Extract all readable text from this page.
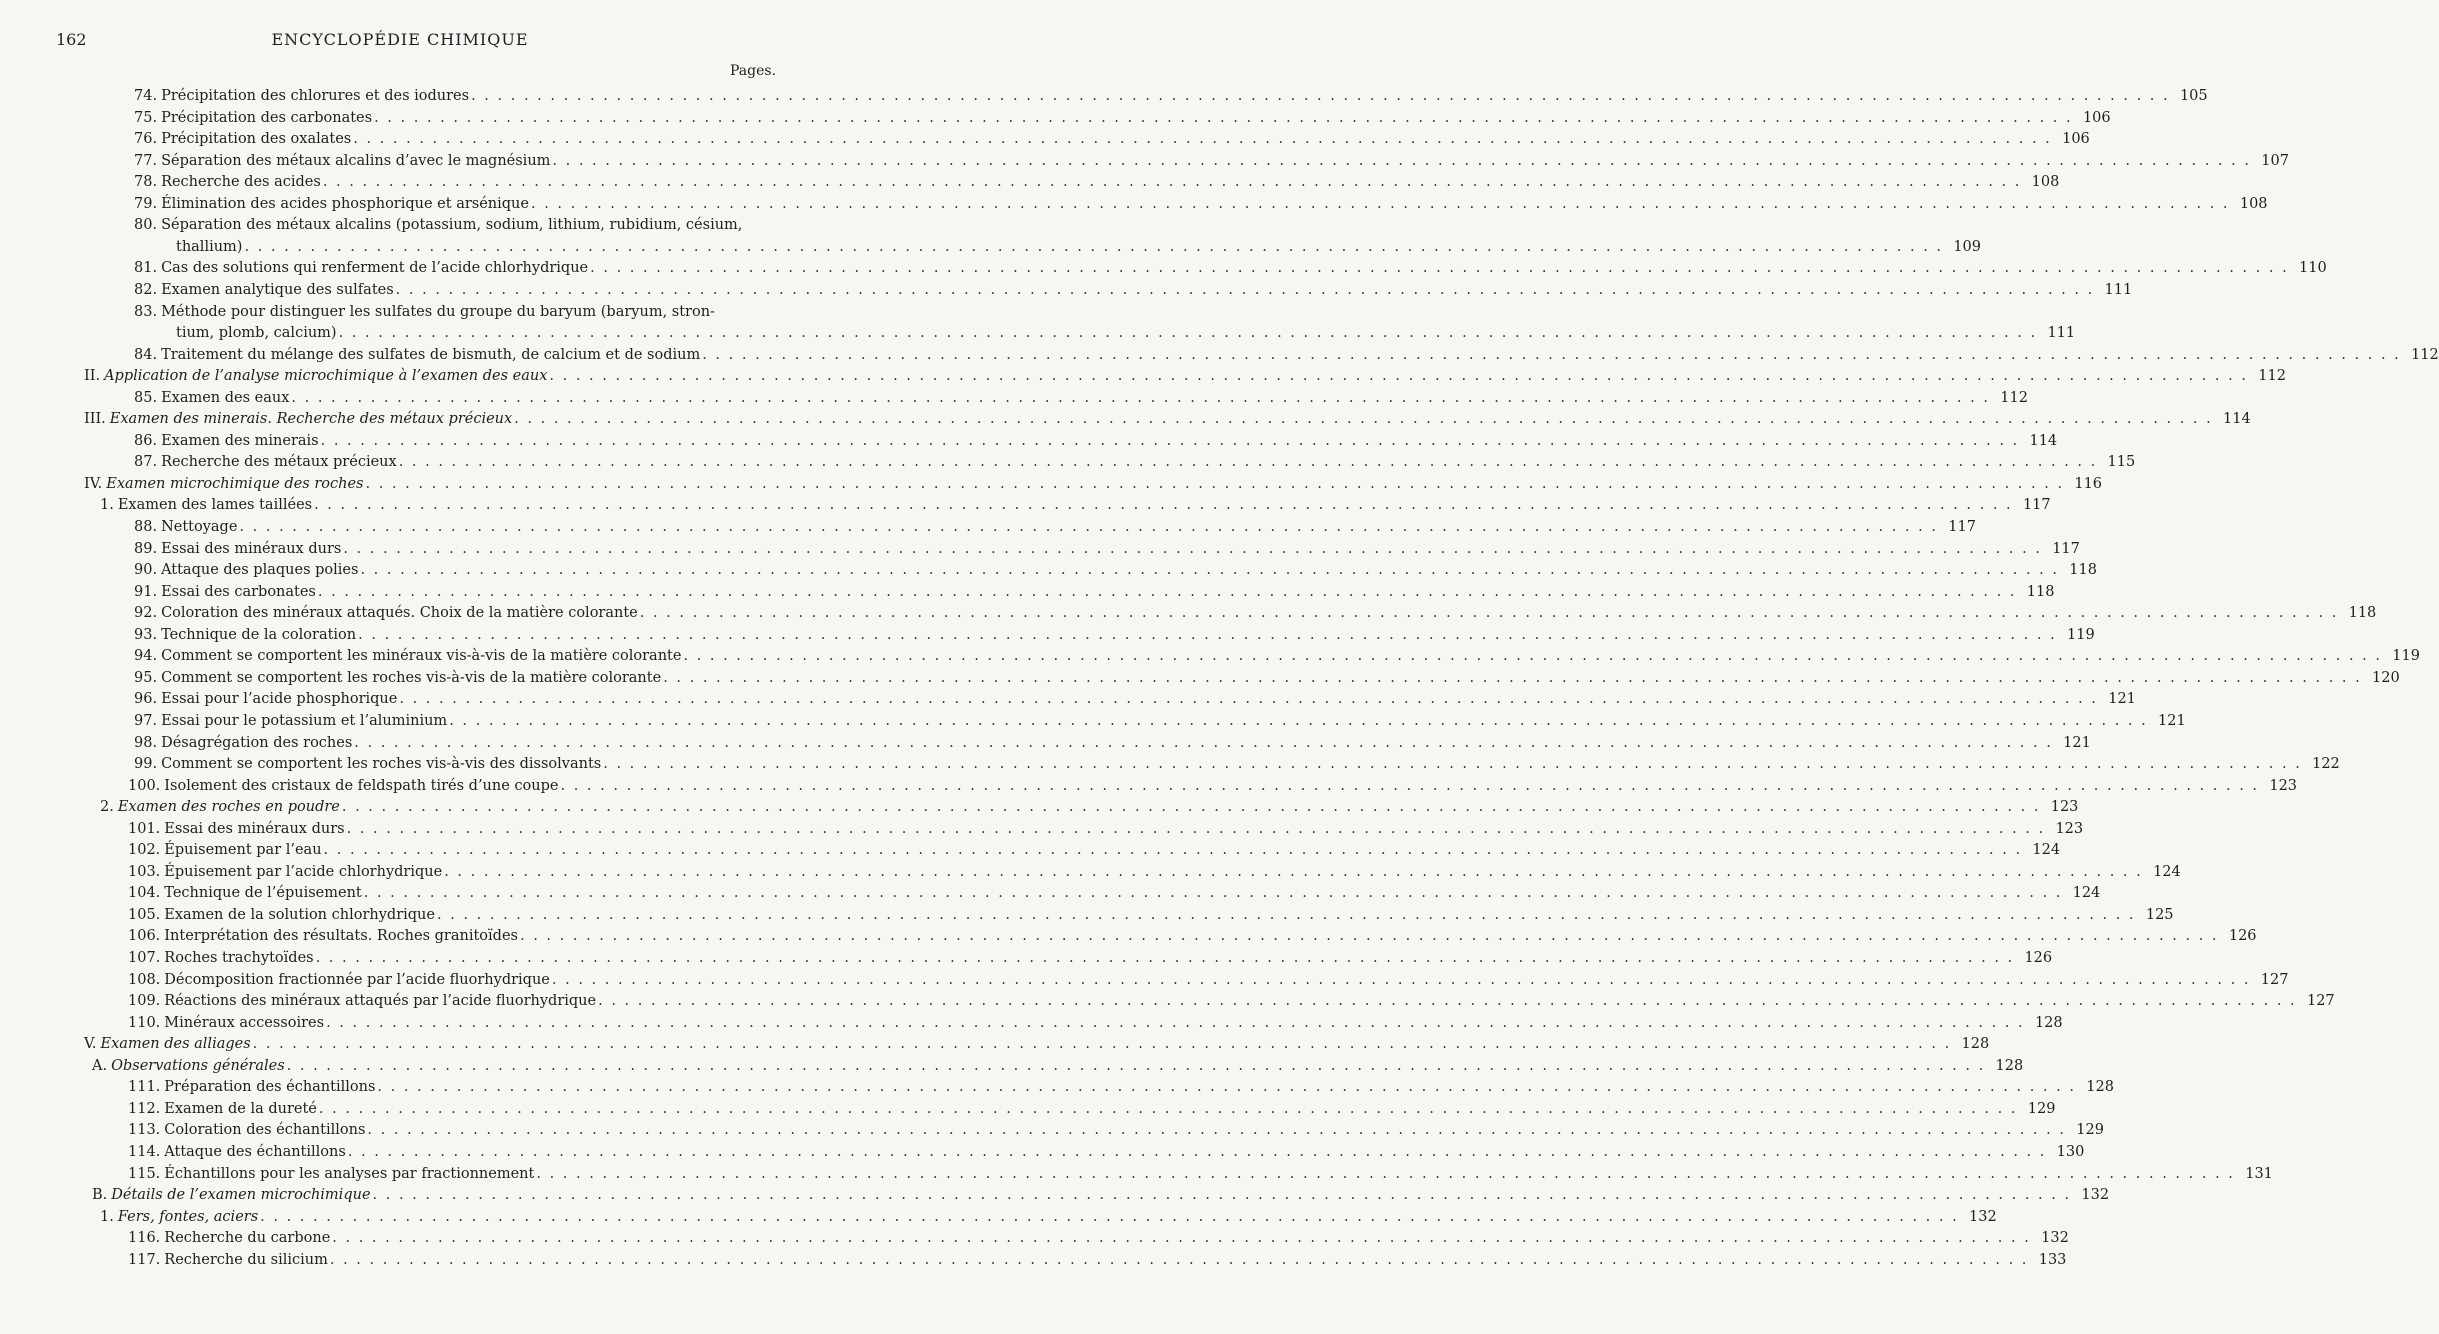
162	ENCYCLOPÉDIE CHIMIQUE
Pages.
74. Précipitation des chlorures et des iodures . . .	105
75. Précipitation des carbonates . . .	106
76. Précipitation des oxalates . . .	106
77. Séparation des métaux alcalins d’avec le magnésium . . .	107
78. Recherche des acides . . .	108
79. Élimination des acides phosphorique et arsénique . . .	108
80. Séparation des métaux alcalins (potassium, sodium, lithium, rubidium, césium,
thallium) . . .	109
81. Cas des solutions qui renferment de l’acide chlorhydrique . . .	110
82. Examen analytique des sulfates . . .	111
83. Méthode pour distinguer les sulfates du groupe du baryum (baryum, stron-
tium, plomb, calcium) . . .	111
84. Traitement du mélange des sulfates de bismuth, de calcium et de sodium . . .	112
II. Application de l’analyse microchimique à l’examen des eaux . . .	112
85. Examen des eaux . . .	112
III. Examen des minerais. Recherche des métaux précieux . . .	114
86. Examen des minerais . . .	114
87. Recherche des métaux précieux . . .	115
IV. Examen microchimique des roches . . .	116
1. Examen des lames taillées . . .	117
88. Nettoyage . . .	117
89. Essai des minéraux durs . . .	117
90. Attaque des plaques polies . . .	118
91. Essai des carbonates . . .	118
92. Coloration des minéraux attaqués. Choix de la matière colorante . . .	118
93. Technique de la coloration . . .	119
94. Comment se comportent les minéraux vis-à-vis de la matière colorante . . .	119
95. Comment se comportent les roches vis-à-vis de la matière colorante . . .	120
96. Essai pour l’acide phosphorique . . .	121
97. Essai pour le potassium et l’aluminium . . .	121
98. Désagrégation des roches . . .	121
99. Comment se comportent les roches vis-à-vis des dissolvants . . .	122
100. Isolement des cristaux de feldspath tirés d’une coupe . . .	123
2. Examen des roches en poudre . . .	123
101. Essai des minéraux durs . . .	123
102. Épuisement par l’eau . . .	124
103. Épuisement par l’acide chlorhydrique . . .	124
104. Technique de l’épuisement . . .	124
105. Examen de la solution chlorhydrique . . .	125
106. Interprétation des résultats. Roches granitoïdes . . .	126
107. Roches trachytoïdes . . .	126
108. Décomposition fractionnée par l’acide fluorhydrique . . .	127
109. Réactions des minéraux attaqués par l’acide fluorhydrique . . .	127
110. Minéraux accessoires . . .	128
V. Examen des alliages . . .	128
A. Observations générales . . .	128
111. Préparation des échantillons . . .	128
112. Examen de la dureté . . .	129
113. Coloration des échantillons . . .	129
114. Attaque des échantillons . . .	130
115. Échantillons pour les analyses par fractionnement . . .	131
B. Détails de l’examen microchimique . . .	132
1. Fers, fontes, aciers . . .	132
116. Recherche du carbone . . .	132
117. Recherche du silicium . . .	133
